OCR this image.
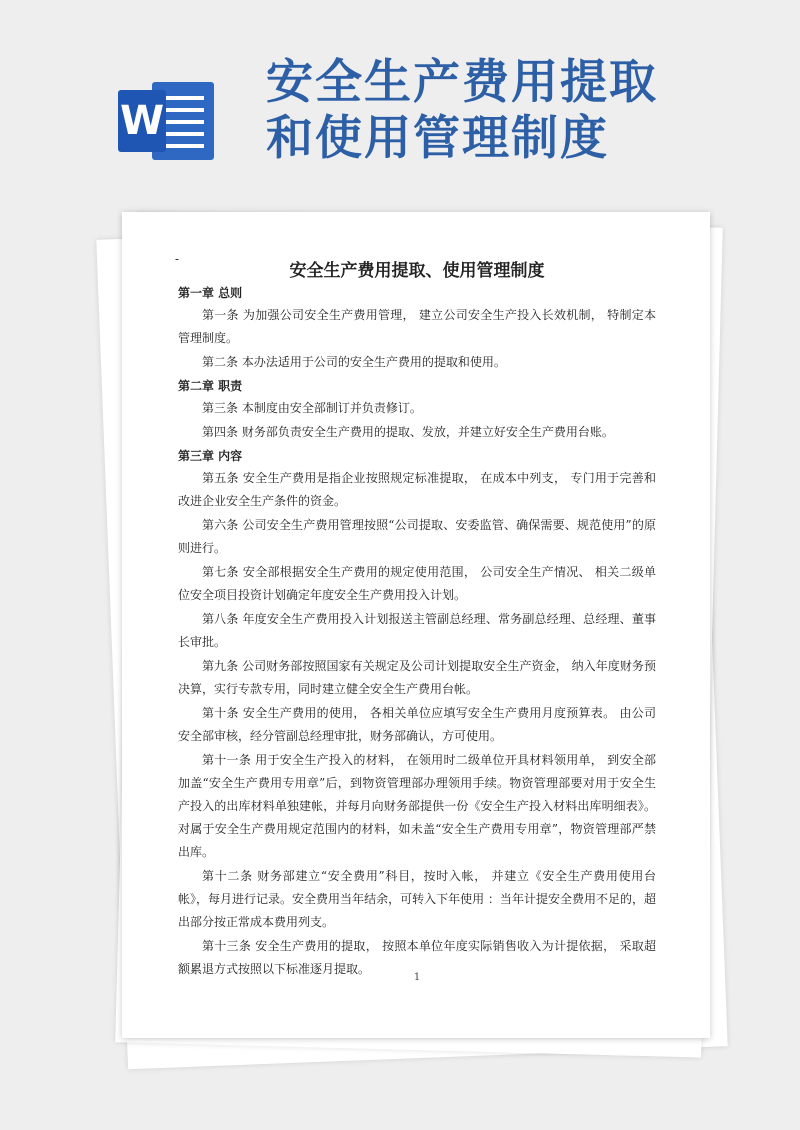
W
安全生产费用提取
和使用管理制度
-
安全生产费用提取、使用管理制度
第一章 总则

第一条 为加强公司安全生产费用管理， 建立公司安全生产投入长效机制， 特制定本管理制度。

第二条 本办法适用于公司的安全生产费用的提取和使用。

第二章 职责

第三条 本制度由安全部制订并负责修订。

第四条 财务部负责安全生产费用的提取、发放，并建立好安全生产费用台账。

第三章 内容

第五条 安全生产费用是指企业按照规定标准提取， 在成本中列支， 专门用于完善和改进企业安全生产条件的资金。

第六条 公司安全生产费用管理按照“公司提取、安委监管、确保需要、规范使用”的原则进行。

第七条 安全部根据安全生产费用的规定使用范围， 公司安全生产情况、 相关二级单位安全项目投资计划确定年度安全生产费用投入计划。

第八条 年度安全生产费用投入计划报送主管副总经理、常务副总经理、总经理、董事长审批。

第九条 公司财务部按照国家有关规定及公司计划提取安全生产资金， 纳入年度财务预决算，实行专款专用，同时建立健全安全生产费用台帐。

第十条 安全生产费用的使用， 各相关单位应填写安全生产费用月度预算表。 由公司安全部审核，经分管副总经理审批，财务部确认，方可使用。

第十一条 用于安全生产投入的材料， 在领用时二级单位开具材料领用单， 到安全部加盖“安全生产费用专用章”后，到物资管理部办理领用手续。物资管理部要对用于安全生产投入的出库材料单独建帐，并每月向财务部提供一份《安全生产投入材料出库明细表》。对属于安全生产费用规定范围内的材料，如未盖“安全生产费用专用章”，物资管理部严禁出库。

第十二条 财务部建立“安全费用”科目，按时入帐， 并建立《安全生产费用使用台帐》，每月进行记录。安全费用当年结余，可转入下年使用 ：当年计提安全费用不足的，超出部分按正常成本费用列支。

第十三条 安全生产费用的提取， 按照本单位年度实际销售收入为计提依据， 采取超额累退方式按照以下标准逐月提取。

1
